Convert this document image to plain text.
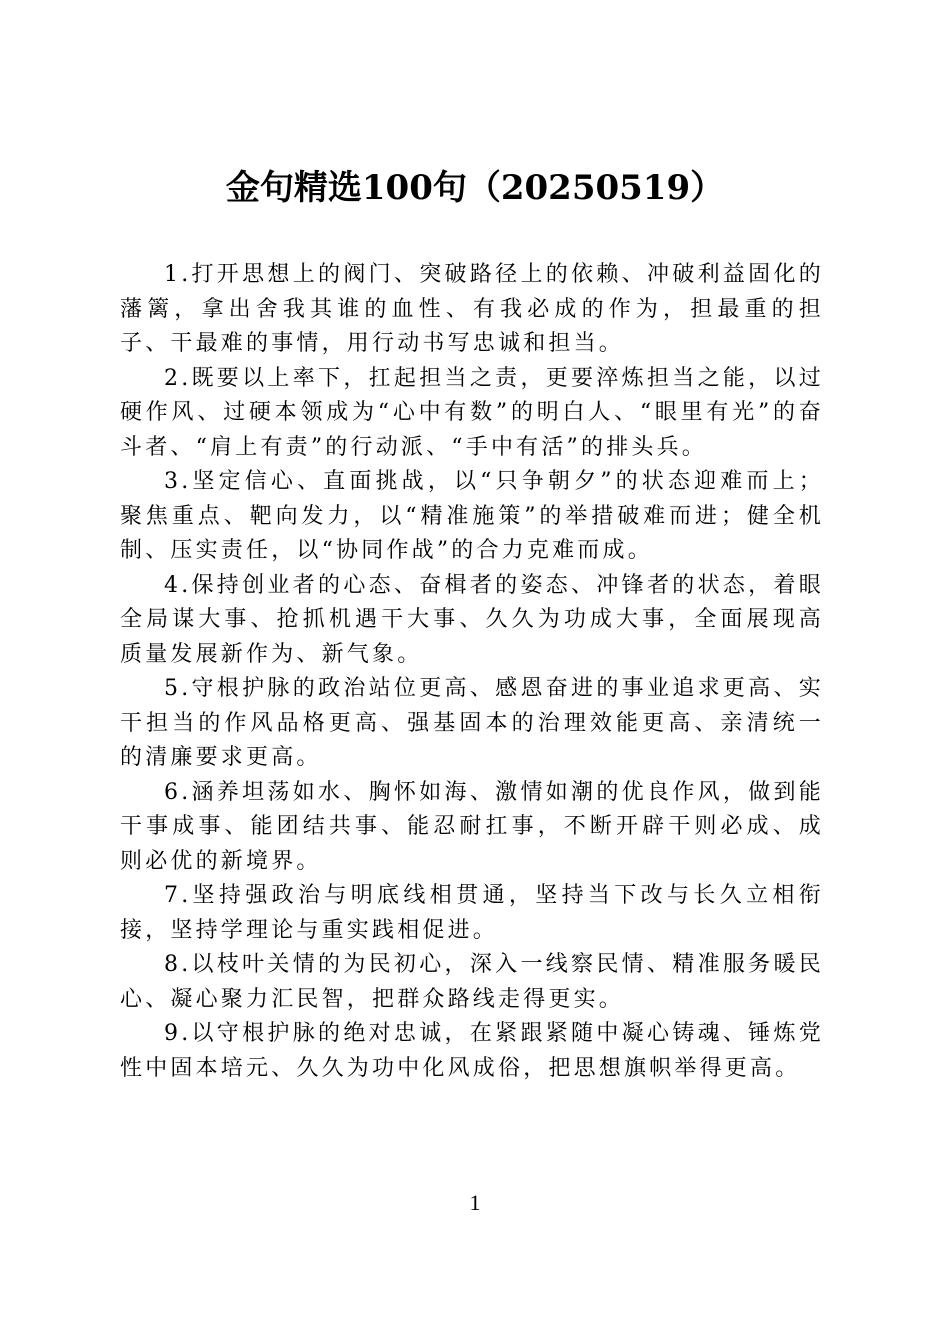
金句精选100句（20250519）

1.打开思想上的阀门、突破路径上的依赖、冲破利益固化的藩篱，拿出舍我其谁的血性、有我必成的作为，担最重的担子、干最难的事情，用行动书写忠诚和担当。

2.既要以上率下，扛起担当之责，更要淬炼担当之能，以过硬作风、过硬本领成为“心中有数”的明白人、“眼里有光”的奋斗者、“肩上有责”的行动派、“手中有活”的排头兵。

3.坚定信心、直面挑战，以“只争朝夕”的状态迎难而上；聚焦重点、靶向发力，以“精准施策”的举措破难而进；健全机制、压实责任，以“协同作战”的合力克难而成。

4.保持创业者的心态、奋楫者的姿态、冲锋者的状态，着眼全局谋大事、抢抓机遇干大事、久久为功成大事，全面展现高质量发展新作为、新气象。

5.守根护脉的政治站位更高、感恩奋进的事业追求更高、实干担当的作风品格更高、强基固本的治理效能更高、亲清统一的清廉要求更高。

6.涵养坦荡如水、胸怀如海、激情如潮的优良作风，做到能干事成事、能团结共事、能忍耐扛事，不断开辟干则必成、成则必优的新境界。

7.坚持强政治与明底线相贯通，坚持当下改与长久立相衔接，坚持学理论与重实践相促进。

8.以枝叶关情的为民初心，深入一线察民情、精准服务暖民心、凝心聚力汇民智，把群众路线走得更实。

9.以守根护脉的绝对忠诚，在紧跟紧随中凝心铸魂、锤炼党性中固本培元、久久为功中化风成俗，把思想旗帜举得更高。

1
